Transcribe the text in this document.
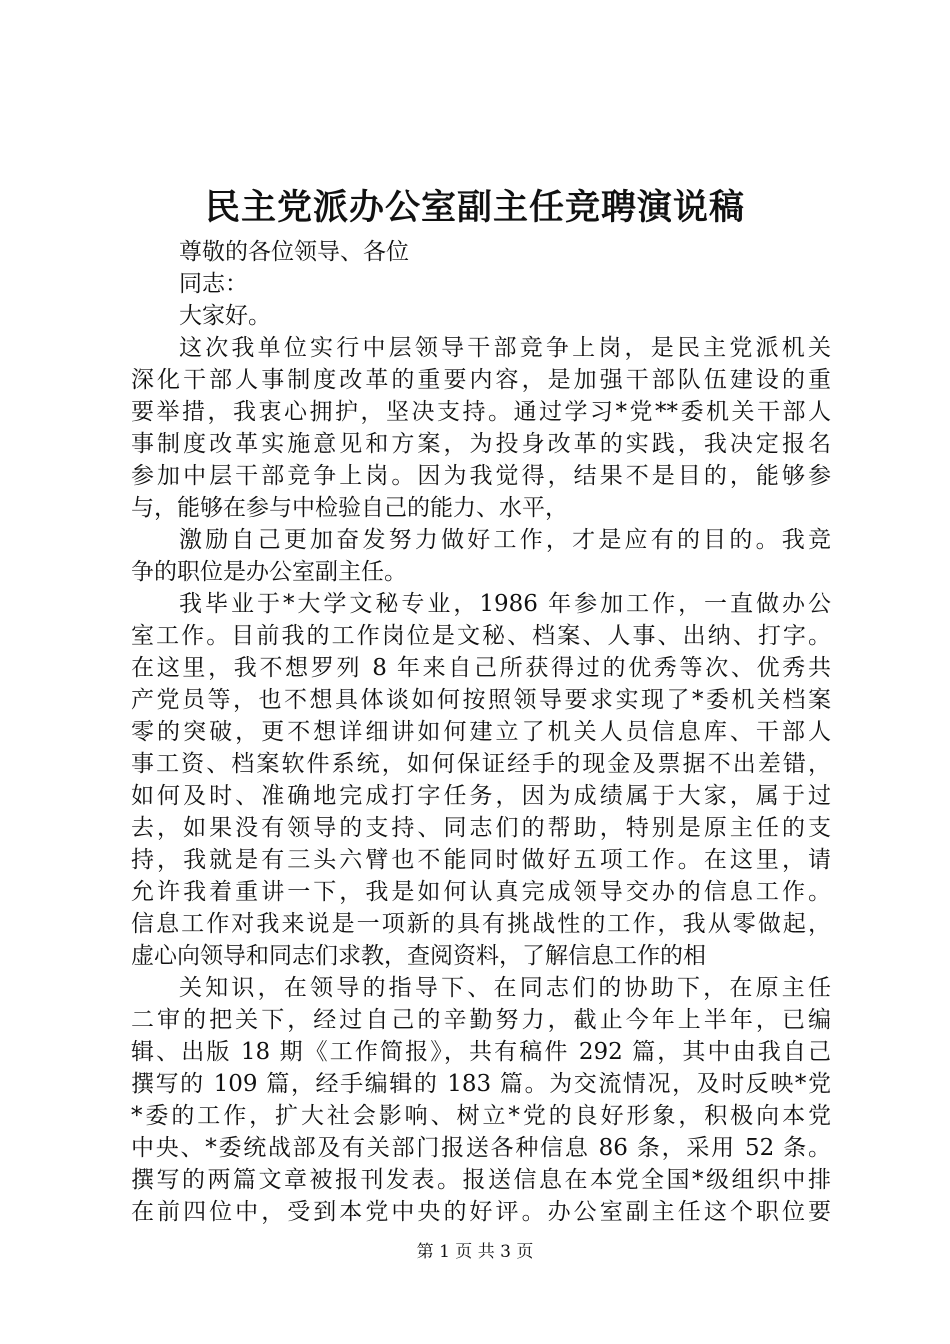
民主党派办公室副主任竞聘演说稿
尊敬的各位领导、各位
同志：
大家好。
这次我单位实行中层领导干部竞争上岗，是民主党派机关
深化干部人事制度改革的重要内容，是加强干部队伍建设的重
要举措，我衷心拥护，坚决支持。通过学习*党**委机关干部人
事制度改革实施意见和方案，为投身改革的实践，我决定报名
参加中层干部竞争上岗。因为我觉得，结果不是目的，能够参
与，能够在参与中检验自己的能力、水平，
激励自己更加奋发努力做好工作，才是应有的目的。我竞
争的职位是办公室副主任。
我毕业于*大学文秘专业，1986 年参加工作，一直做办公
室工作。目前我的工作岗位是文秘、档案、人事、出纳、打字。
在这里，我不想罗列 8 年来自己所获得过的优秀等次、优秀共
产党员等，也不想具体谈如何按照领导要求实现了*委机关档案
零的突破，更不想详细讲如何建立了机关人员信息库、干部人
事工资、档案软件系统，如何保证经手的现金及票据不出差错，
如何及时、准确地完成打字任务，因为成绩属于大家，属于过
去，如果没有领导的支持、同志们的帮助，特别是原主任的支
持，我就是有三头六臂也不能同时做好五项工作。在这里，请
允许我着重讲一下，我是如何认真完成领导交办的信息工作。
信息工作对我来说是一项新的具有挑战性的工作，我从零做起，
虚心向领导和同志们求教，查阅资料，了解信息工作的相
关知识，在领导的指导下、在同志们的协助下，在原主任
二审的把关下，经过自己的辛勤努力，截止今年上半年，已编
辑、出版 18 期《工作简报》，共有稿件 292 篇，其中由我自己
撰写的 109 篇，经手编辑的 183 篇。为交流情况，及时反映*党
*委的工作，扩大社会影响、树立*党的良好形象，积极向本党
中央、*委统战部及有关部门报送各种信息 86 条，采用 52 条。
撰写的两篇文章被报刊发表。报送信息在本党全国*级组织中排
在前四位中，受到本党中央的好评。办公室副主任这个职位要
第 1 页 共 3 页
